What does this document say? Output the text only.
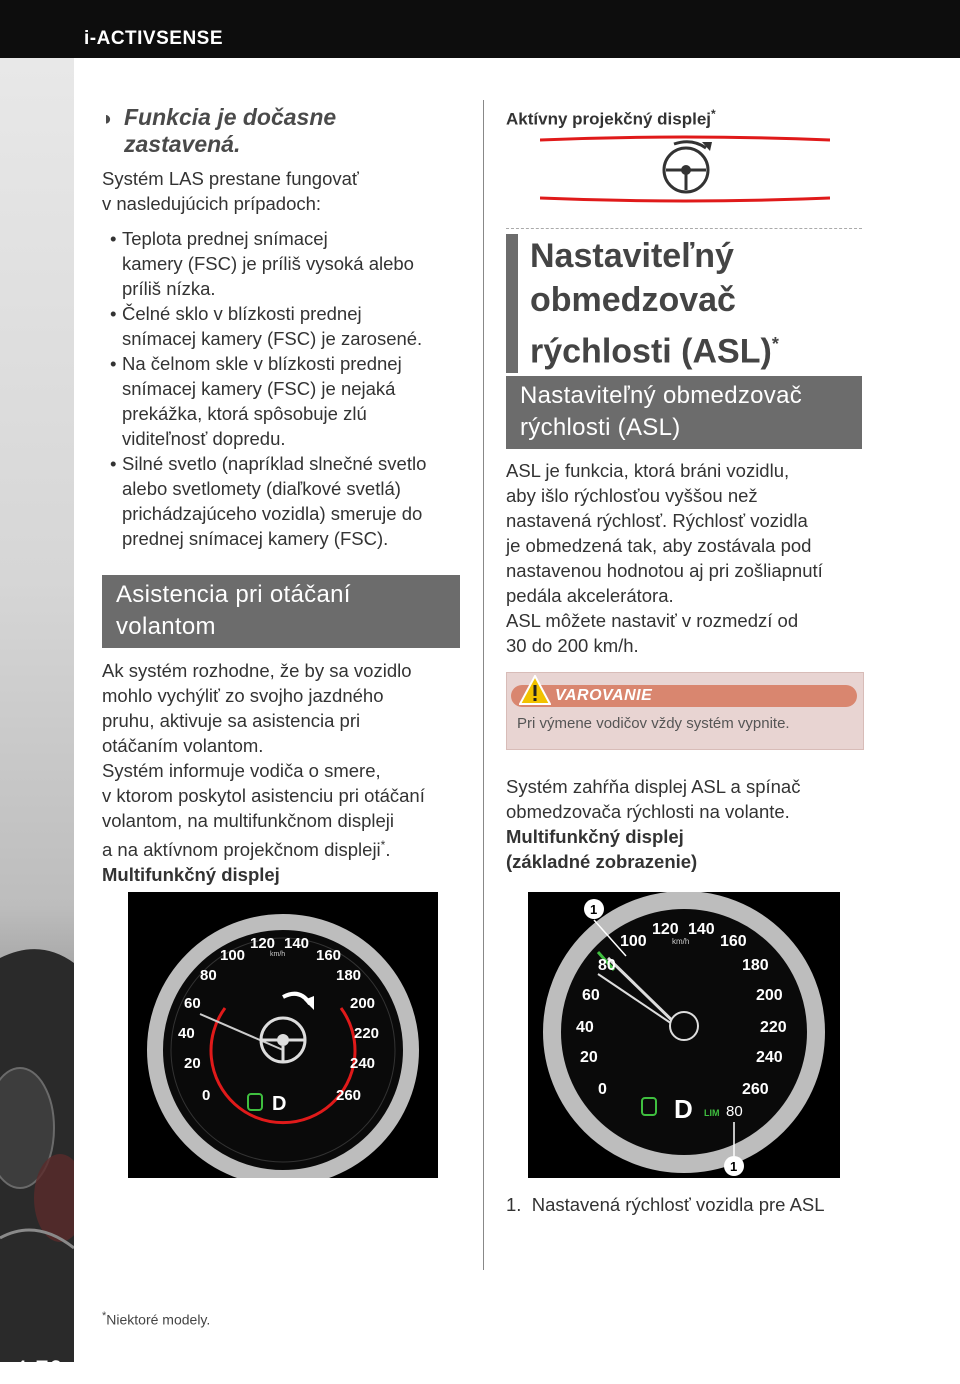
i-ACTIVSENSE
4-76
◗ Funkcia je dočasne
zastavená.

Systém LAS prestane fungovať

v nasledujúcich prípadoch:

• Teplota prednej snímacej
kamery (FSC) je príliš vysoká alebo
príliš nízka.
• Čelné sklo v blízkosti prednej
snímacej kamery (FSC) je zarosené.
• Na čelnom skle v blízkosti prednej
snímacej kamery (FSC) je nejaká
prekážka, ktorá spôsobuje zlú
viditeľnosť dopredu.
• Silné svetlo (napríklad slnečné svetlo
alebo svetlomety (diaľkové svetlá)
prichádzajúceho vozidla) smeruje do
prednej snímacej kamery (FSC).
Asistencia pri otáčaní
volantom

Ak systém rozhodne, že by sa vozidlo

mohlo vychýliť zo svojho jazdného

pruhu, aktivuje sa asistencia pri

otáčaním volantom.

Systém informuje vodiča o smere,

v ktorom poskytol asistenciu pri otáčaní

volantom, na multifunkčnom displeji

a na aktívnom projekčnom displeji*.

Multifunkčný displej

0
20
40
60
80
100
120 140
160
180
200
220
240
260
km/h
D

Aktívny projekčný displej*

Nastaviteľný
obmedzovač
rýchlosti (ASL)*
Nastaviteľný obmedzovač
rýchlosti (ASL)

ASL je funkcia, ktorá bráni vozidlu,

aby išlo rýchlosťou vyššou než

nastavená rýchlosť. Rýchlosť vozidla

je obmedzená tak, aby zostávala pod

nastavenou hodnotou aj pri zošliapnutí

pedála akcelerátora.

ASL môžete nastaviť v rozmedzí od

30 do 200 km/h.

VAROVANIE
Pri výmene vodičov vždy systém vypnite.

Systém zahŕňa displej ASL a spínač

obmedzovača rýchlosti na volante.

Multifunkčný displej

(základné zobrazenie)

0
20
40
60
80
100
120 140
160
180
200
220
240
260
km/h
D LIM 80
1
1

1. Nastavená rýchlosť vozidla pre ASL

*Niektoré modely.
